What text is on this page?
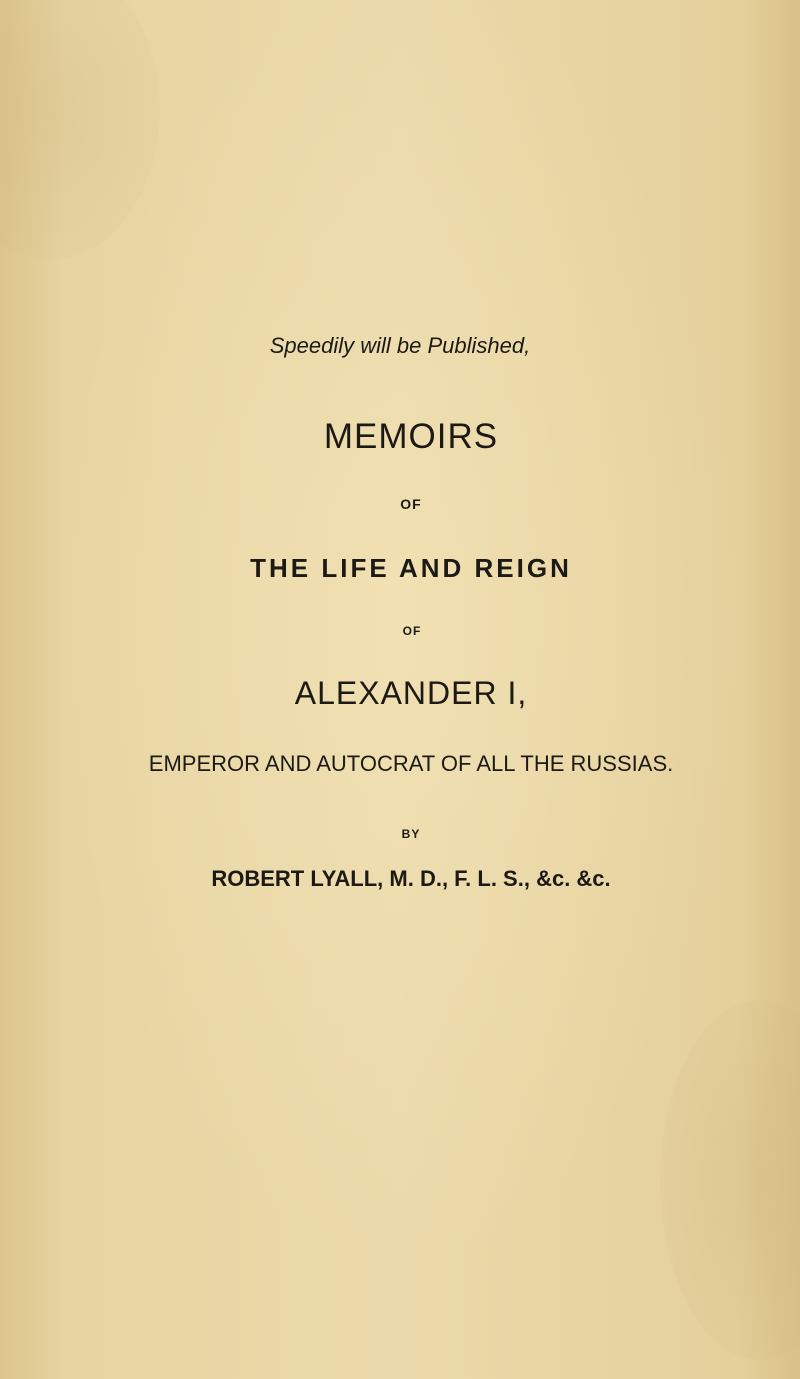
Speedily will be Published,

MEMOIRS

OF

THE LIFE AND REIGN

OF

ALEXANDER I,

EMPEROR AND AUTOCRAT OF ALL THE RUSSIAS.

BY

ROBERT LYALL, M. D., F. L. S., &c. &c.
